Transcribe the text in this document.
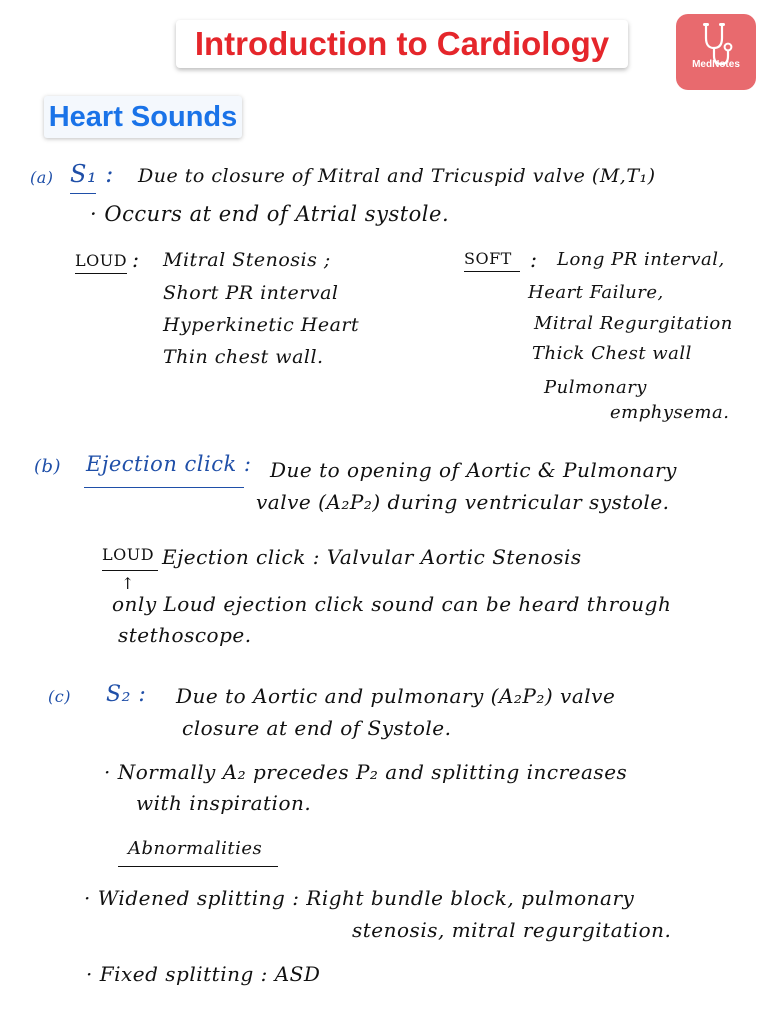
Introduction to Cardiology
MedNotes
Heart Sounds
(a) S₁ : Due to closure of Mitral and Tricuspid valve (M,T₁)
· Occurs at end of Atrial systole.
LOUD : Mitral Stenosis ;
Short PR interval
Hyperkinetic Heart
Thin chest wall.
SOFT : Long PR interval,
Heart Failure,
Mitral Regurgitation
Thick Chest wall
Pulmonary
emphysema.
(b) Ejection click : Due to opening of Aortic & Pulmonary
valve (A₂P₂) during ventricular systole.
LOUD Ejection click : Valvular Aortic Stenosis
↑
only Loud ejection click sound can be heard through
stethoscope.
(c) S₂ : Due to Aortic and pulmonary (A₂P₂) valve
closure at end of Systole.
· Normally A₂ precedes P₂ and splitting increases
with inspiration.
Abnormalities
· Widened splitting : Right bundle block, pulmonary
stenosis, mitral regurgitation.
· Fixed splitting : ASD
